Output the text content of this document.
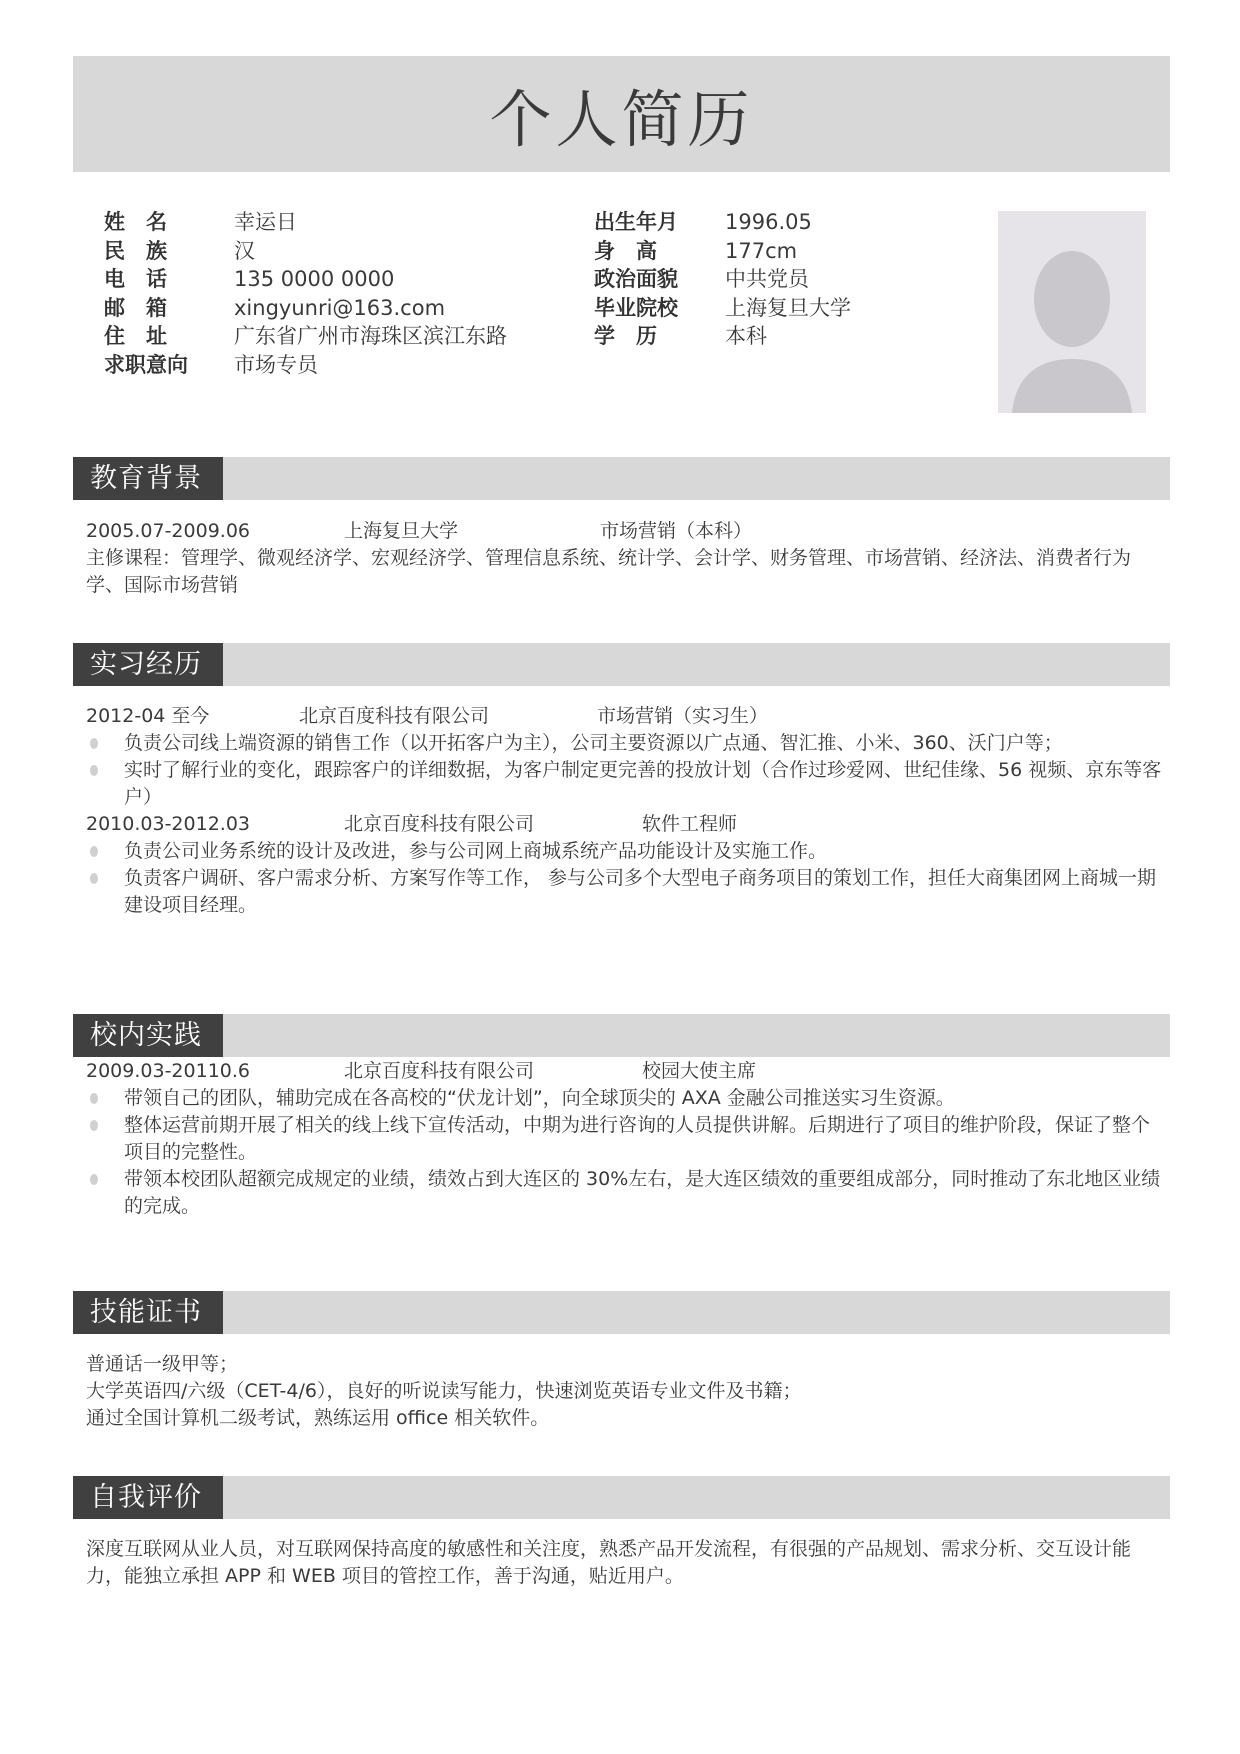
个人简历
姓　名	幸运日
民　族	汉
电　话	135 0000 0000
邮　箱	xingyunri@163.com
住　址	广东省广州市海珠区滨江东路
求职意向	市场专员
出生年月	1996.05
身　高	177cm
政治面貌	中共党员
毕业院校	上海复旦大学
学　历	本科
教育背景
2005.07-2009.06	上海复旦大学	市场营销（本科）

主修课程：管理学、微观经济学、宏观经济学、管理信息系统、统计学、会计学、财务管理、市场营销、经济法、消费者行为学、国际市场营销

实习经历
2012-04 至今	北京百度科技有限公司	市场营销（实习生）
负责公司线上端资源的销售工作（以开拓客户为主），公司主要资源以广点通、智汇推、小米、360、沃门户等；
实时了解行业的变化，跟踪客户的详细数据，为客户制定更完善的投放计划（合作过珍爱网、世纪佳缘、56 视频、京东等客户）
2010.03-2012.03	北京百度科技有限公司	软件工程师
负责公司业务系统的设计及改进，参与公司网上商城系统产品功能设计及实施工作。
负责客户调研、客户需求分析、方案写作等工作， 参与公司多个大型电子商务项目的策划工作，担任大商集团网上商城一期建设项目经理。
校内实践
2009.03-20110.6	北京百度科技有限公司	校园大使主席
带领自己的团队，辅助完成在各高校的“伏龙计划”，向全球顶尖的 AXA 金融公司推送实习生资源。
整体运营前期开展了相关的线上线下宣传活动，中期为进行咨询的人员提供讲解。后期进行了项目的维护阶段，保证了整个项目的完整性。
带领本校团队超额完成规定的业绩，绩效占到大连区的 30%左右，是大连区绩效的重要组成部分，同时推动了东北地区业绩的完成。
技能证书
普通话一级甲等；
大学英语四/六级（CET-4/6），良好的听说读写能力，快速浏览英语专业文件及书籍；
通过全国计算机二级考试，熟练运用 office 相关软件。
自我评价

深度互联网从业人员，对互联网保持高度的敏感性和关注度，熟悉产品开发流程，有很强的产品规划、需求分析、交互设计能力，能独立承担 APP 和 WEB 项目的管控工作，善于沟通，贴近用户。
